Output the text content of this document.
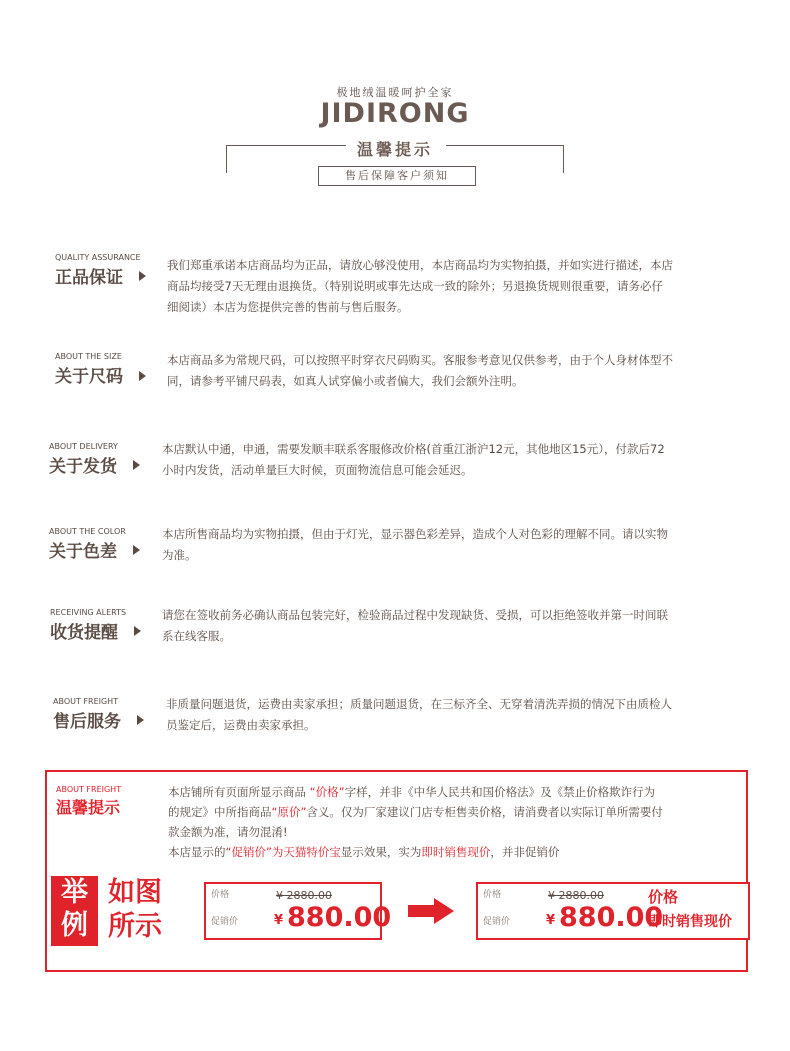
极地绒温暖呵护全家
JIDIRONG
温馨提示
售后保障客户须知
QUALITY ASSURANCE
正品保证
我们郑重承诺本店商品均为正品，请放心够没使用，本店商品均为实物拍摄，并如实进行描述，本店
商品均接受7天无理由退换货。（特别说明或事先达成一致的除外；另退换货规则很重要，请务必仔
细阅读）本店为您提供完善的售前与售后服务。
ABOUT THE SIZE
关于尺码
本店商品多为常规尺码，可以按照平时穿衣尺码购买。客服参考意见仅供参考，由于个人身材体型不
同，请参考平铺尺码表，如真人试穿偏小或者偏大，我们会额外注明。
ABOUT DELIVERY
关于发货
本店默认中通，申通，需要发顺丰联系客服修改价格(首重江浙沪12元，其他地区15元），付款后72
小时内发货，活动单量巨大时候，页面物流信息可能会延迟。
ABOUT THE COLOR
关于色差
本店所售商品均为实物拍摄，但由于灯光，显示器色彩差异，造成个人对色彩的理解不同。请以实物
为准。
RECEIVING ALERTS
收货提醒
请您在签收前务必确认商品包装完好，检验商品过程中发现缺货、受损，可以拒绝签收并第一时间联
系在线客服。
ABOUT FREIGHT
售后服务
非质量问题退货，运费由卖家承担；质量问题退货，在三标齐全、无穿着清洗弄损的情况下由质检人
员鉴定后，运费由卖家承担。
ABOUT FREIGHT
温馨提示
本店铺所有页面所显示商品 “价格”字样，并非《中华人民共和国价格法》及《禁止价格欺诈行为
的规定》中所指商品“原价”含义。仅为厂家建议门店专柜售卖价格，请消费者以实际订单所需要付
款金额为准，请勿混淆!
本店显示的“促销价”为天猫特价宝显示效果，实为即时销售现价，并非促销价
举
例
如图
所示
价格	¥ 2880.00
促销价	¥ 880.00
价格	¥ 2880.00
促销价	¥ 880.00
价格
即时销售现价
